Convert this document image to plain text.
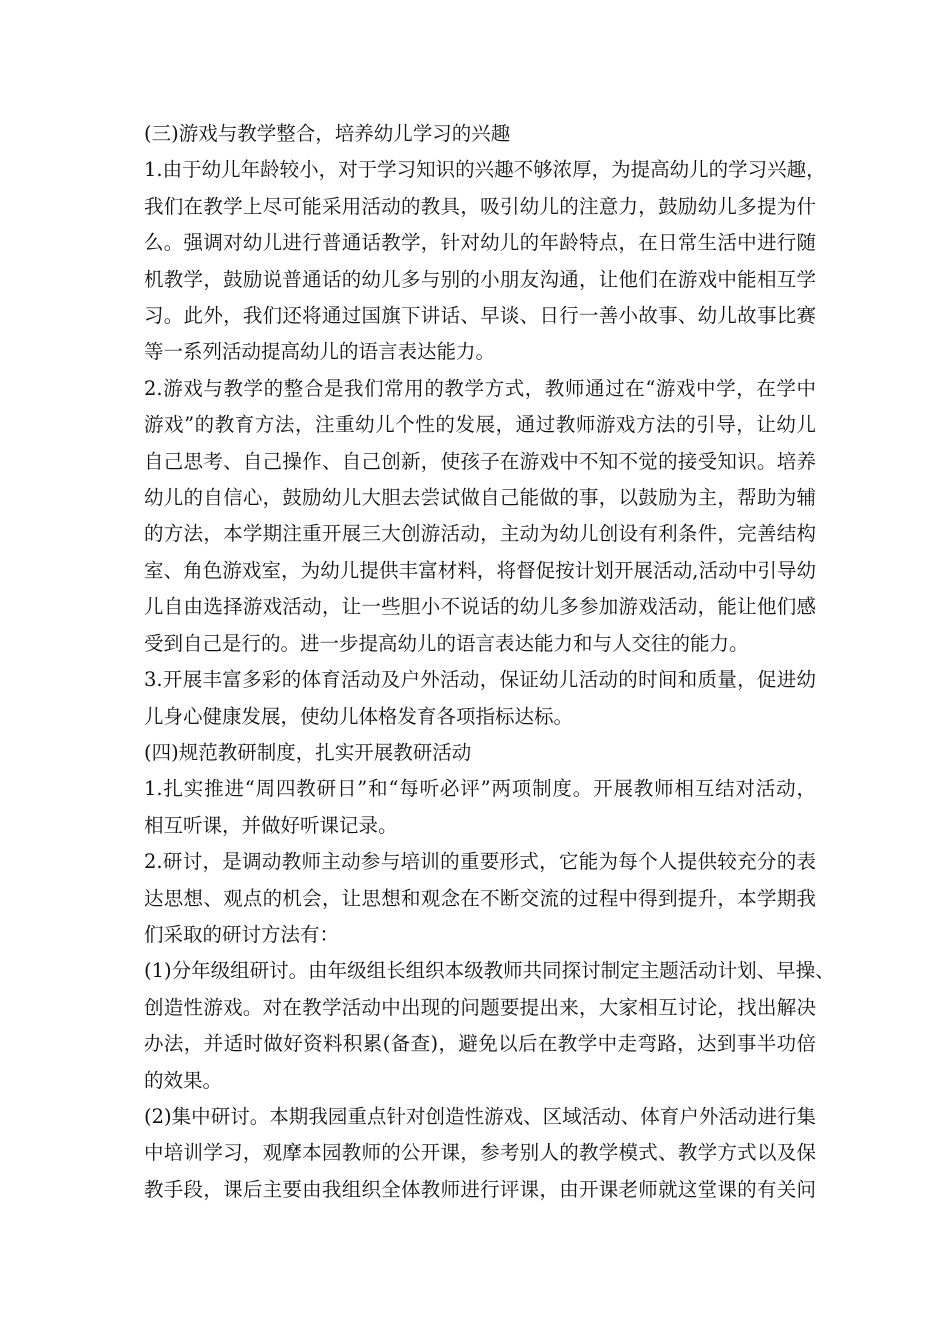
(三)游戏与教学整合，培养幼儿学习的兴趣
1.由于幼儿年龄较小，对于学习知识的兴趣不够浓厚，为提高幼儿的学习兴趣，
我们在教学上尽可能采用活动的教具，吸引幼儿的注意力，鼓励幼儿多提为什
么。强调对幼儿进行普通话教学，针对幼儿的年龄特点，在日常生活中进行随
机教学，鼓励说普通话的幼儿多与别的小朋友沟通，让他们在游戏中能相互学
习。此外，我们还将通过国旗下讲话、早谈、日行一善小故事、幼儿故事比赛
等一系列活动提高幼儿的语言表达能力。
2.游戏与教学的整合是我们常用的教学方式，教师通过在“游戏中学，在学中
游戏”的教育方法，注重幼儿个性的发展，通过教师游戏方法的引导，让幼儿
自己思考、自己操作、自己创新，使孩子在游戏中不知不觉的接受知识。培养
幼儿的自信心，鼓励幼儿大胆去尝试做自己能做的事，以鼓励为主，帮助为辅
的方法，本学期注重开展三大创游活动，主动为幼儿创设有利条件，完善结构
室、角色游戏室，为幼儿提供丰富材料，将督促按计划开展活动,活动中引导幼
儿自由选择游戏活动，让一些胆小不说话的幼儿多参加游戏活动，能让他们感
受到自己是行的。进一步提高幼儿的语言表达能力和与人交往的能力。
3.开展丰富多彩的体育活动及户外活动，保证幼儿活动的时间和质量，促进幼
儿身心健康发展，使幼儿体格发育各项指标达标。
(四)规范教研制度，扎实开展教研活动
1.扎实推进“周四教研日”和“每听必评”两项制度。开展教师相互结对活动，
相互听课，并做好听课记录。
2.研讨，是调动教师主动参与培训的重要形式，它能为每个人提供较充分的表
达思想、观点的机会，让思想和观念在不断交流的过程中得到提升，本学期我
们采取的研讨方法有：
(1)分年级组研讨。由年级组长组织本级教师共同探讨制定主题活动计划、早操、
创造性游戏。对在教学活动中出现的问题要提出来，大家相互讨论，找出解决
办法，并适时做好资料积累(备查)，避免以后在教学中走弯路，达到事半功倍
的效果。
(2)集中研讨。本期我园重点针对创造性游戏、区域活动、体育户外活动进行集
中培训学习，观摩本园教师的公开课，参考别人的教学模式、教学方式以及保
教手段，课后主要由我组织全体教师进行评课，由开课老师就这堂课的有关问
